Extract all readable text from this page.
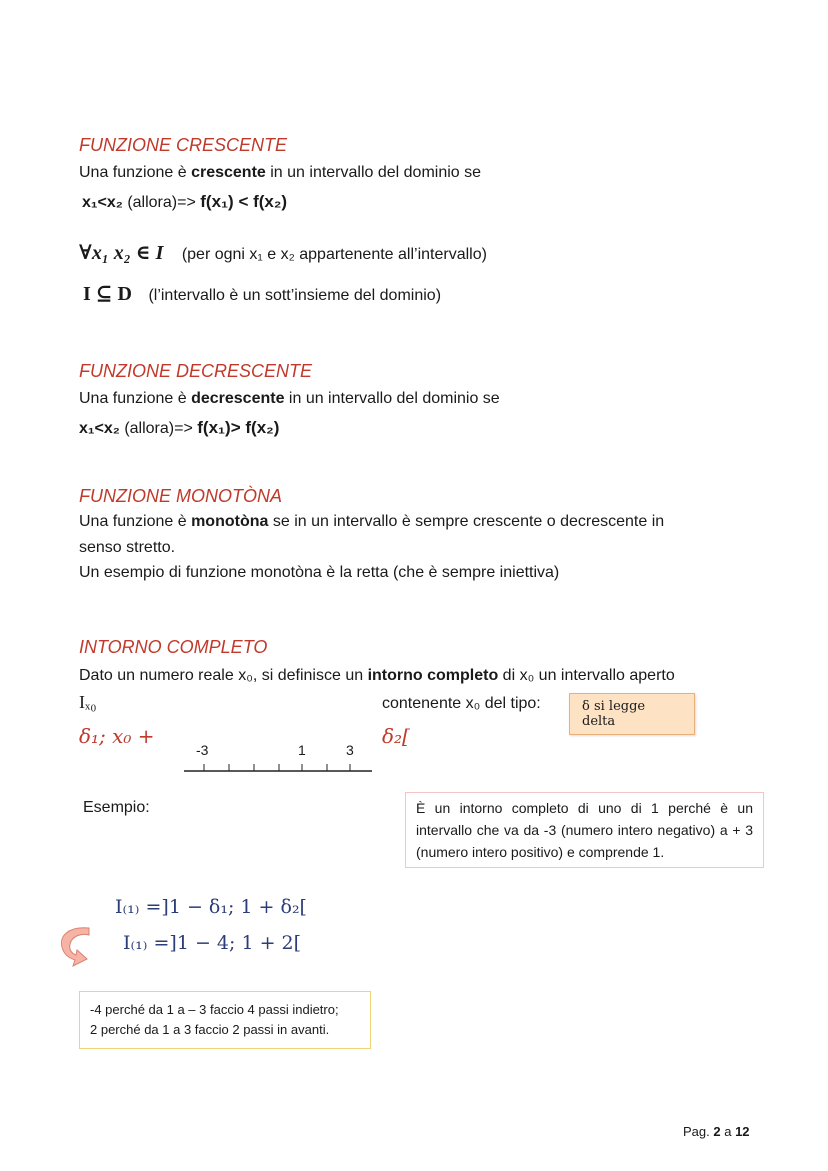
FUNZIONE CRESCENTE
Una funzione è crescente in un intervallo del dominio se
x₁<x₂ (allora)=> f(x₁) < f(x₂)
∀x₁ x₂ ∈ I (per ogni x₁ e x₂ appartenente all’intervallo)
I ⊆ D (l’intervallo è un sott’insieme del dominio)
FUNZIONE DECRESCENTE
Una funzione è decrescente in un intervallo del dominio se
x₁<x₂ (allora)=> f(x₁)> f(x₂)
FUNZIONE MONOTÒNA
Una funzione è monotòna se in un intervallo è sempre crescente o decrescente in
senso stretto.
Un esempio di funzione monotòna è la retta (che è sempre iniettiva)
INTORNO COMPLETO
Dato un numero reale x₀, si definisce un intorno completo di x₀ un intervallo aperto
Iₓ₀	contenente x₀ del tipo:	δ si legge delta
δ₁; x₀ +	δ₂[
-3	1	3
Esempio:	È un intorno completo di uno di 1 perché è un intervallo che va da -3 (numero intero negativo) a + 3 (numero intero positivo) e comprende 1.
I₍₁₎ =]1 − δ₁; 1 + δ₂[
I₍₁₎ =]1 − 4; 1 + 2[
-4 perché da 1 a – 3 faccio 4 passi indietro;
2 perché da 1 a 3 faccio 2 passi in avanti.
Pag. 2 a 12
